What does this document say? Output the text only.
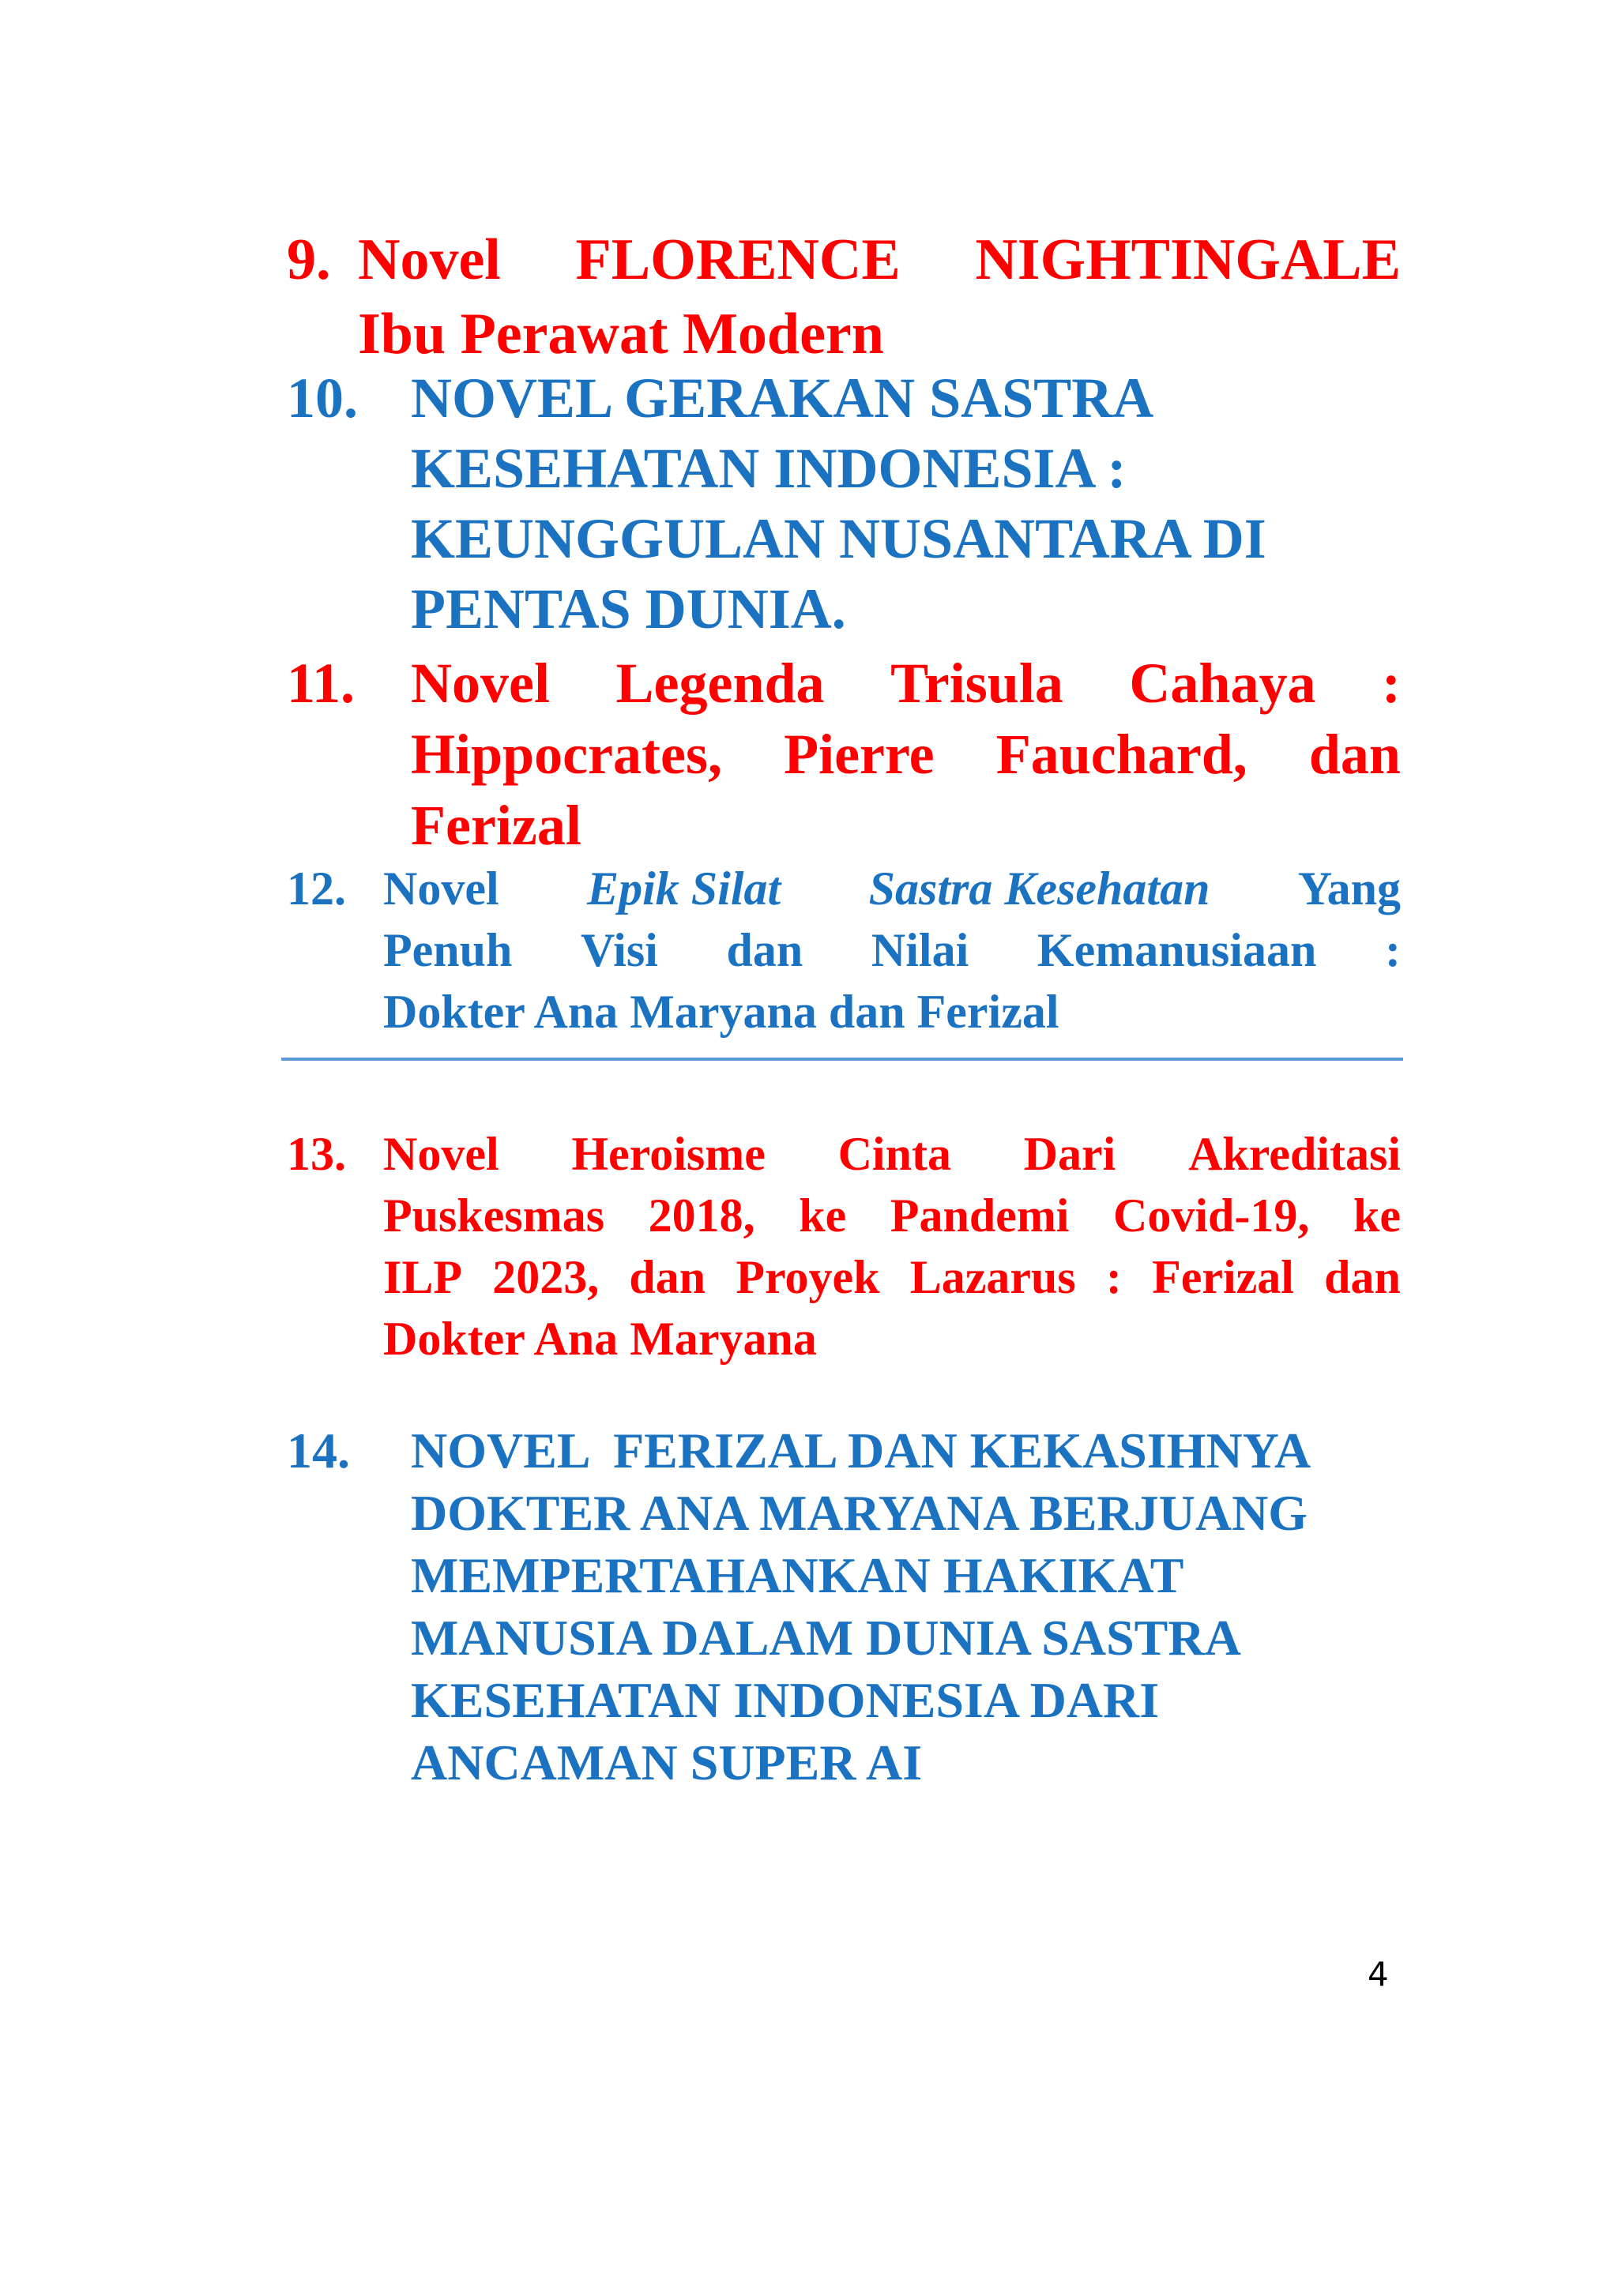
9. Novel FLORENCE NIGHTINGALE
Ibu Perawat Modern
10. NOVEL GERAKAN SASTRA
KESEHATAN INDONESIA :
KEUNGGULAN NUSANTARA DI
PENTAS DUNIA.
11. Novel Legenda Trisula Cahaya :
Hippocrates, Pierre Fauchard, dan
Ferizal
12. Novel Epik Silat Sastra Kesehatan Yang
Penuh Visi dan Nilai Kemanusiaan :
Dokter Ana Maryana dan Ferizal
13. Novel Heroisme Cinta Dari Akreditasi
Puskesmas 2018, ke Pandemi Covid-19, ke
ILP 2023, dan Proyek Lazarus : Ferizal dan
Dokter Ana Maryana
14. NOVEL  FERIZAL DAN KEKASIHNYA
DOKTER ANA MARYANA BERJUANG
MEMPERTAHANKAN HAKIKAT
MANUSIA DALAM DUNIA SASTRA
KESEHATAN INDONESIA DARI
ANCAMAN SUPER AI
4
